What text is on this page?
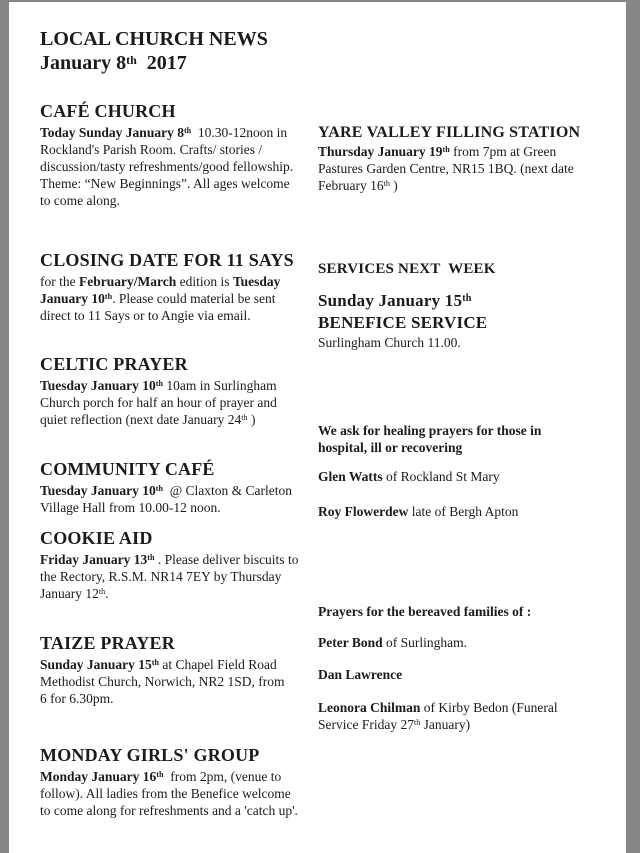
LOCAL CHURCH NEWS
January 8th  2017
CAFÉ CHURCH

Today Sunday January 8th  10.30-12noon in
Rockland's Parish Room. Crafts/ stories /
discussion/tasty refreshments/good fellowship.
Theme: “New Beginnings”. All ages welcome
to come along.

CLOSING DATE FOR 11 SAYS

for the February/March edition is Tuesday
January 10th. Please could material be sent
direct to 11 Says or to Angie via email.

CELTIC PRAYER

Tuesday January 10th 10am in Surlingham
Church porch for half an hour of prayer and
quiet reflection (next date January 24th )

COMMUNITY CAFÉ

Tuesday January 10th  @ Claxton & Carleton
Village Hall from 10.00-12 noon.

COOKIE AID

Friday January 13th . Please deliver biscuits to
the Rectory, R.S.M. NR14 7EY by Thursday
January 12th.

TAIZE PRAYER

Sunday January 15th at Chapel Field Road
Methodist Church, Norwich, NR2 1SD, from
6 for 6.30pm.

MONDAY GIRLS' GROUP

Monday January 16th  from 2pm, (venue to
follow). All ladies from the Benefice welcome
to come along for refreshments and a 'catch up'.

YARE VALLEY FILLING STATION

Thursday January 19th from 7pm at Green
Pastures Garden Centre, NR15 1BQ. (next date
February 16th )

SERVICES NEXT  WEEK
Sunday January 15th
BENEFICE SERVICE

Surlingham Church 11.00.

We ask for healing prayers for those in hospital, ill or recovering

Glen Watts of Rockland St Mary

Roy Flowerdew late of Bergh Apton

Prayers for the bereaved families of :

Peter Bond of Surlingham.

Dan Lawrence

Leonora Chilman of Kirby Bedon (Funeral
Service Friday 27th January)
